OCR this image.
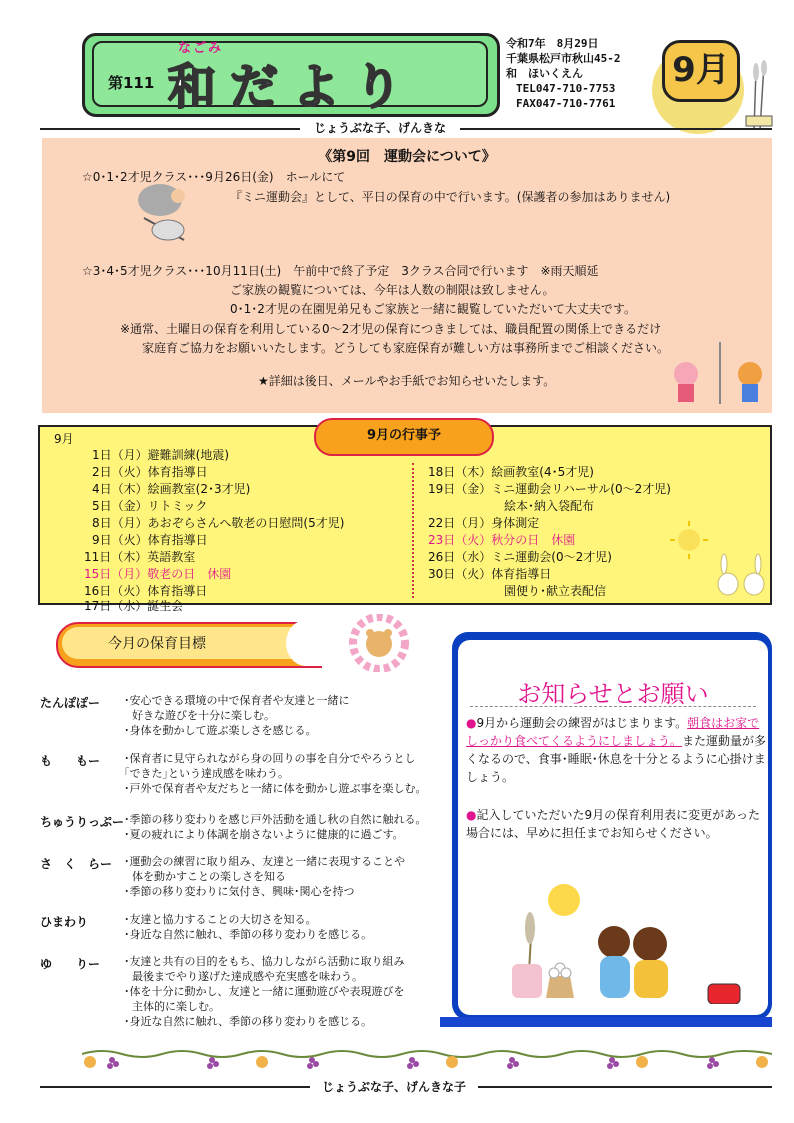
第111
なごみ
和だより
令和7年　8月29日
千葉県松戸市秋山45-2
和　ほいくえん
TEL047-710-7753
FAX047-710-7761
9月
じょうぶな子、げんきな
《第9回　運動会について》
☆0･1･2才児クラス･･･9月26日(金)　ホールにて
『ミニ運動会』として、平日の保育の中で行います。(保護者の参加はありません)
☆3･4･5才児クラス･･･10月11日(土)　午前中で終了予定　3クラス合同で行います　※雨天順延
ご家族の観覧については、今年は人数の制限は致しません。
0･1･2才児の在園児弟兄もご家族と一緒に観覧していただいて大丈夫です。
※通常、土曜日の保育を利用している0～2才児の保育につきましては、職員配置の関係上できるだけ
家庭育ご協力をお願いいたします。どうしても家庭保育が難しい方は事務所までご相談ください。
★詳細は後日、メールやお手紙でお知らせいたします。
9月の行事予
9月
1日（月）避難訓練(地震)
2日（火）体育指導日
4日（木）絵画教室(2･3才児)
5日（金）リトミック
8日（月）あおぞらさんへ敬老の日慰問(5才児)
9日（火）体育指導日
11日（木）英語教室
15日（月）敬老の日　休園
16日（火）体育指導日
17日（水）誕生会
18日（木）絵画教室(4･5才児)
19日（金）ミニ運動会リハーサル(0～2才児)
絵本･納入袋配布
22日（月）身体測定
23日（火）秋分の日　休園
26日（水）ミニ運動会(0～2才児)
30日（火）体育指導日
園便り･献立表配信
今月の保育目標
たんぽぽー ･安心できる環境の中で保育者や友達と一緒に
好きな遊びを十分に楽しむ。
･身体を動かして遊ぶ楽しさを感じる。
も　　もー ･保育者に見守られながら身の回りの事を自分でやろうとし
｢できた｣という達成感を味わう。
･戸外で保育者や友だちと一緒に体を動かし遊ぶ事を楽しむ。
ちゅうりっぷー ･季節の移り変わりを感じ戸外活動を通し秋の自然に触れる。
･夏の疲れにより体調を崩さないように健康的に過ごす。
さ　く　らー ･運動会の練習に取り組み、友達と一緒に表現することや
体を動かすことの楽しさを知る
･季節の移り変わりに気付き、興味･関心を持つ
ひまわり	･友達と協力することの大切さを知る。
･身近な自然に触れ、季節の移り変わりを感じる。
ゆ　　りー ･友達と共有の目的をもち、協力しながら活動に取り組み
最後までやり遂げた達成感や充実感を味わう。
･体を十分に動かし、友達と一緒に運動遊びや表現遊びを
主体的に楽しむ。
･身近な自然に触れ、季節の移り変わりを感じる。
お知らせとお願い
●9月から運動会の練習がはじまります。朝食はお家でしっかり食べてくるようにしましょう。また運動量が多くなるので、食事･睡眠･休息を十分とるように心掛けましょう。
●記入していただいた9月の保育利用表に変更があった場合には、早めに担任までお知らせください。
じょうぶな子、げんきな子
